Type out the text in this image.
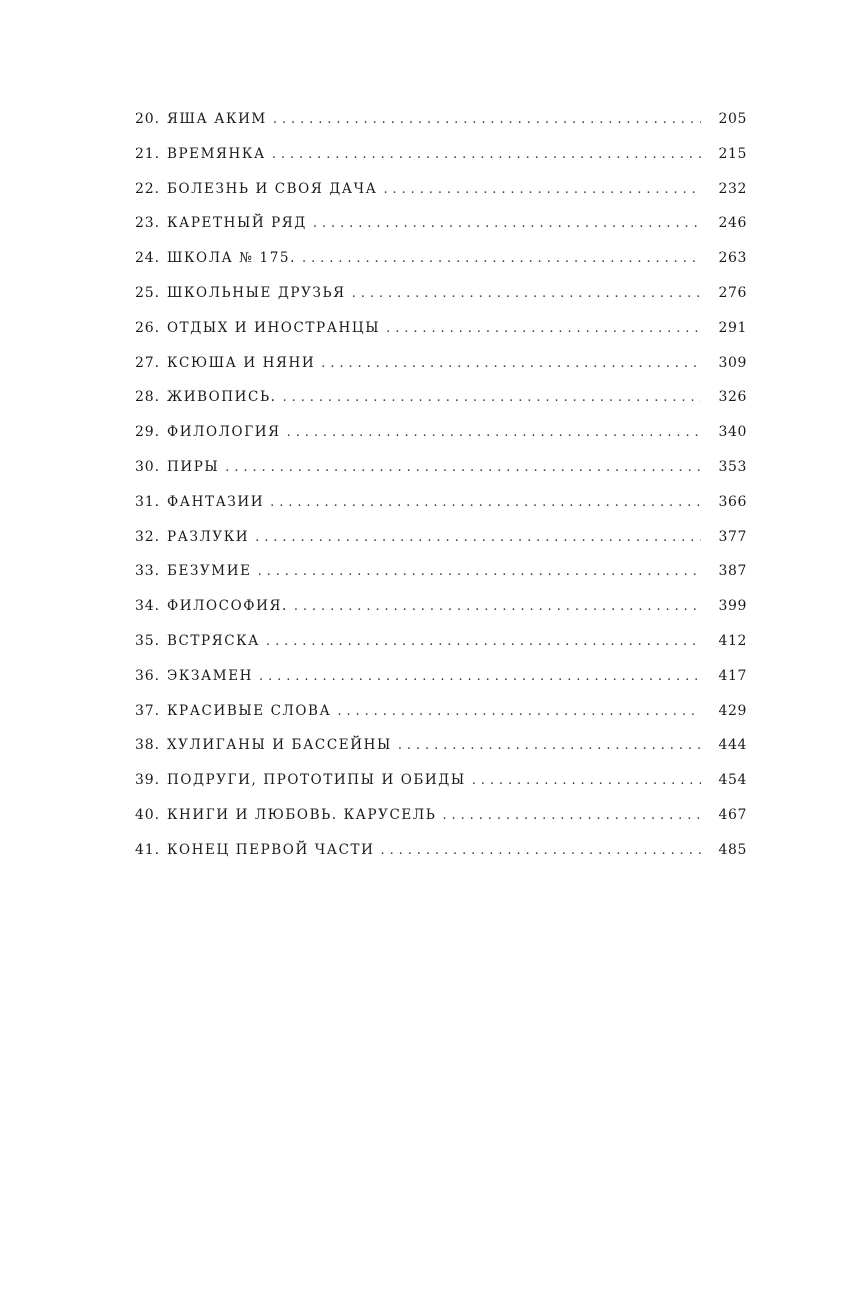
20. ЯША АКИМ . . .	205
21. ВРЕМЯНКА . . .	215
22. БОЛЕЗНЬ И СВОЯ ДАЧА . . .	232
23. КАРЕТНЫЙ РЯД . . .	246
24. ШКОЛА № 175. . . .	263
25. ШКОЛЬНЫЕ ДРУЗЬЯ . . .	276
26. ОТДЫХ И ИНОСТРАНЦЫ . . .	291
27. КСЮША И НЯНИ . . .	309
28. ЖИВОПИСЬ. . . .	326
29. ФИЛОЛОГИЯ . . .	340
30. ПИРЫ . . .	353
31. ФАНТАЗИИ . . .	366
32. РАЗЛУКИ . . .	377
33. БЕЗУМИЕ . . .	387
34. ФИЛОСОФИЯ. . . .	399
35. ВСТРЯСКА . . .	412
36. ЭКЗАМЕН . . .	417
37. КРАСИВЫЕ СЛОВА . . .	429
38. ХУЛИГАНЫ И БАССЕЙНЫ . . .	444
39. ПОДРУГИ, ПРОТОТИПЫ И ОБИДЫ . . .	454
40. КНИГИ И ЛЮБОВЬ. КАРУСЕЛЬ . . .	467
41. КОНЕЦ ПЕРВОЙ ЧАСТИ . . .	485
